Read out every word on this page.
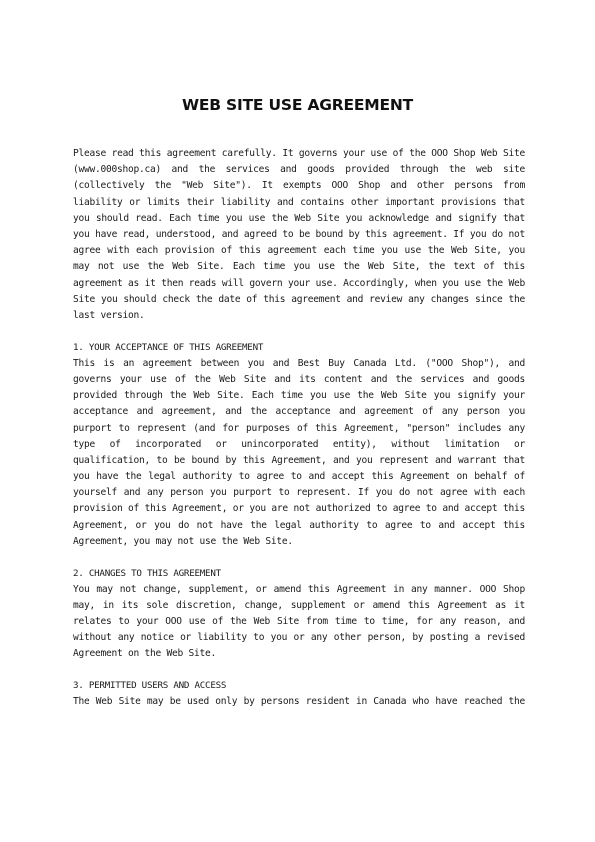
WEB SITE USE AGREEMENT
Please read this agreement carefully. It governs your use of the OOO Shop Web Site
(www.000shop.ca) and the services and goods provided through the web site
(collectively the "Web Site"). It exempts OOO Shop and other persons from
liability or limits their liability and contains other important provisions that
you should read. Each time you use the Web Site you acknowledge and signify that
you have read, understood, and agreed to be bound by this agreement. If you do not
agree with each provision of this agreement each time you use the Web Site, you
may not use the Web Site. Each time you use the Web Site, the text of this
agreement as it then reads will govern your use. Accordingly, when you use the Web
Site you should check the date of this agreement and review any changes since the
last version.
1. YOUR ACCEPTANCE OF THIS AGREEMENT
This is an agreement between you and Best Buy Canada Ltd. ("OOO Shop"), and
governs your use of the Web Site and its content and the services and goods
provided through the Web Site. Each time you use the Web Site you signify your
acceptance and agreement, and the acceptance and agreement of any person you
purport to represent (and for purposes of this Agreement, "person" includes any
type of incorporated or unincorporated entity), without limitation or
qualification, to be bound by this Agreement, and you represent and warrant that
you have the legal authority to agree to and accept this Agreement on behalf of
yourself and any person you purport to represent. If you do not agree with each
provision of this Agreement, or you are not authorized to agree to and accept this
Agreement, or you do not have the legal authority to agree to and accept this
Agreement, you may not use the Web Site.
2. CHANGES TO THIS AGREEMENT
You may not change, supplement, or amend this Agreement in any manner. OOO Shop
may, in its sole discretion, change, supplement or amend this Agreement as it
relates to your OOO use of the Web Site from time to time, for any reason, and
without any notice or liability to you or any other person, by posting a revised
Agreement on the Web Site.
3. PERMITTED USERS AND ACCESS
The Web Site may be used only by persons resident in Canada who have reached the
